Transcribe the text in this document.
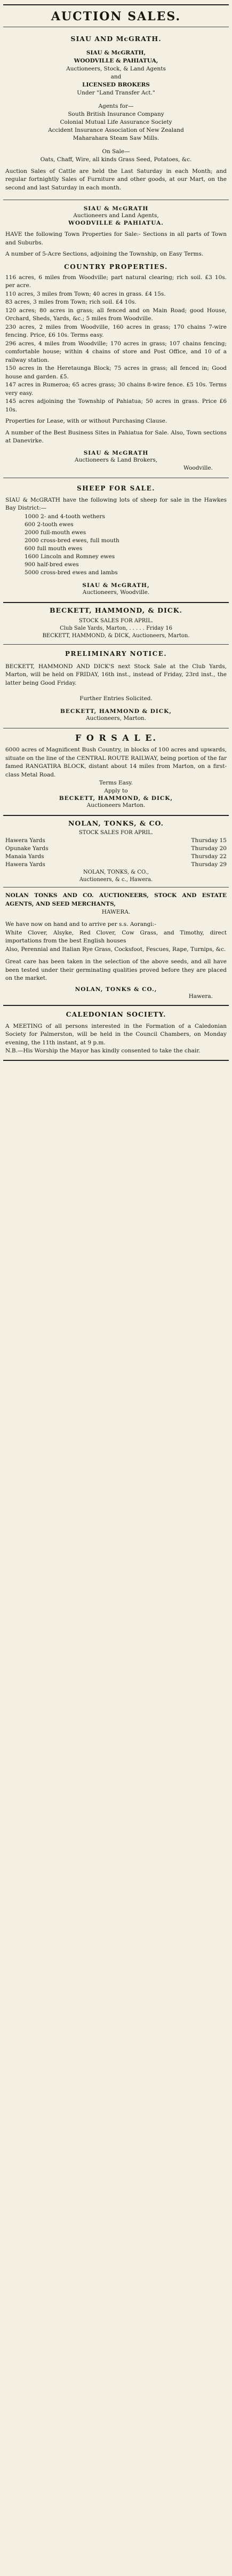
AUCTION SALES.
SIAU AND McGRATH.
SIAU & McGRATH,
WOODVILLE & PAHIATUA,
Auctioneers, Stock, & Land Agents
and
LICENSED BROKERS
Under "Land Transfer Act."
Agents for—
South British Insurance Company
Colonial Mutual Life Assurance Society
Accident Insurance Association of New Zealand
Maharahara Steam Saw Mills.
On Sale—

Oats, Chaff, Wire, all kinds Grass Seed, Potatoes, &c.

Auction Sales of Cattle are held the Last Saturday in each Month; and regular fortnightly Sales of Furniture and other goods, at our Mart, on the second and last Saturday in each month.

SIAU & McGRATH
Auctioneers and Land Agents,
WOODVILLE & PAHIATUA.

HAVE the following Town Properties for Sale:- Sections in all parts of Town and Suburbs.

A number of 5-Acre Sections, adjoining the Township, on Easy Terms.

COUNTRY PROPERTIES.

116 acres, 6 miles from Woodville; part natural clearing; rich soil. £3 10s. per acre.

110 acres, 3 miles from Town; 40 acres in grass. £4 15s.

83 acres, 3 miles from Town; rich soil. £4 10s.

120 acres; 80 acres in grass; all fenced and on Main Road; good House, Orchard, Sheds, Yards, &c.; 5 miles from Woodville.

230 acres, 2 miles from Woodville, 160 acres in grass; 170 chains 7-wire fencing. Price, £6 10s. Terms easy.

296 acres, 4 miles from Woodville; 170 acres in grass; 107 chains fencing; comfortable house; within 4 chains of store and Post Office, and 10 of a railway station.

150 acres in the Heretaunga Block; 75 acres in grass; all fenced in; Good house and garden. £5.

147 acres in Rumeroa; 65 acres grass; 30 chains 8-wire fence. £5 10s. Terms very easy.

145 acres adjoining the Township of Pahiatua; 50 acres in grass. Price £6 10s.

Properties for Lease, with or without Purchasing Clause.

A number of the Best Business Sites in Pahiatua for Sale. Also, Town sections at Danevirke.

SIAU & McGRATH
Auctioneers & Land Brokers,
Woodville.
SHEEP FOR SALE.

SIAU & McGRATH have the following lots of sheep for sale in the Hawkes Bay District:—

1000 2- and 4-tooth wethers
600 2-tooth ewes
2000 full-mouth ewes
2000 cross-bred ewes, full mouth
600 full mouth ewes
1600 Lincoln and Romney ewes
900 half-bred ewes
5000 cross-bred ewes and lambs
SIAU & McGRATH,
Auctioneers, Woodville.
BECKETT, HAMMOND, & DICK.
STOCK SALES FOR APRIL.
Club Sale Yards, Marton, . . . . . Friday 16
BECKETT, HAMMOND, & DICK, Auctioneers, Marton.
PRELIMINARY NOTICE.

BECKETT, HAMMOND AND DICK'S next Stock Sale at the Club Yards, Marton, will be held on FRIDAY, 16th inst., instead of Friday, 23rd inst., the latter being Good Friday.

Further Entries Solicited.
BECKETT, HAMMOND & DICK,
Auctioneers, Marton.
F O R S A L E.

6000 acres of Magnificent Bush Country, in blocks of 100 acres and upwards, situate on the line of the CENTRAL ROUTE RAILWAY, being portion of the far famed RANGATIRA BLOCK, distant about 14 miles from Marton, on a first-class Metal Road.

Terms Easy.
Apply to
BECKETT, HAMMOND, & DICK,
Auctioneers Marton.
NOLAN, TONKS, & CO.
STOCK SALES FOR APRIL.
Hawera Yards	Thursday 15
Opunake Yards	Thursday 20
Manaia Yards	Thursday 22
Hawera Yards	Thursday 29
NOLAN, TONKS, & CO.,
Auctioneers, & c., Hawera.

NOLAN TONKS AND CO. AUCTIONEERS, STOCK AND ESTATE AGENTS, AND SEED MERCHANTS,

HAWERA.

We have now on hand and to arrive per s.s. Aorangi:-

White Clover, Alsyke, Red Clover, Cow Grass, and Timothy, direct importations from the best English houses

Also, Perennial and Italian Rye Grass, Cocksfoot, Fescues, Rape, Turnips, &c.

Great care has been taken in the selection of the above seeds, and all have been tested under their germinating qualities proved before they are placed on the market.

NOLAN, TONKS & CO.,
Hawera.
CALEDONIAN SOCIETY.

A MEETING of all persons interested in the Formation of a Caledonian Society for Palmerston, will be held in the Council Chambers, on Monday evening, the 11th instant, at 9 p.m.

N.B.—His Worship the Mayor has kindly consented to take the chair.
